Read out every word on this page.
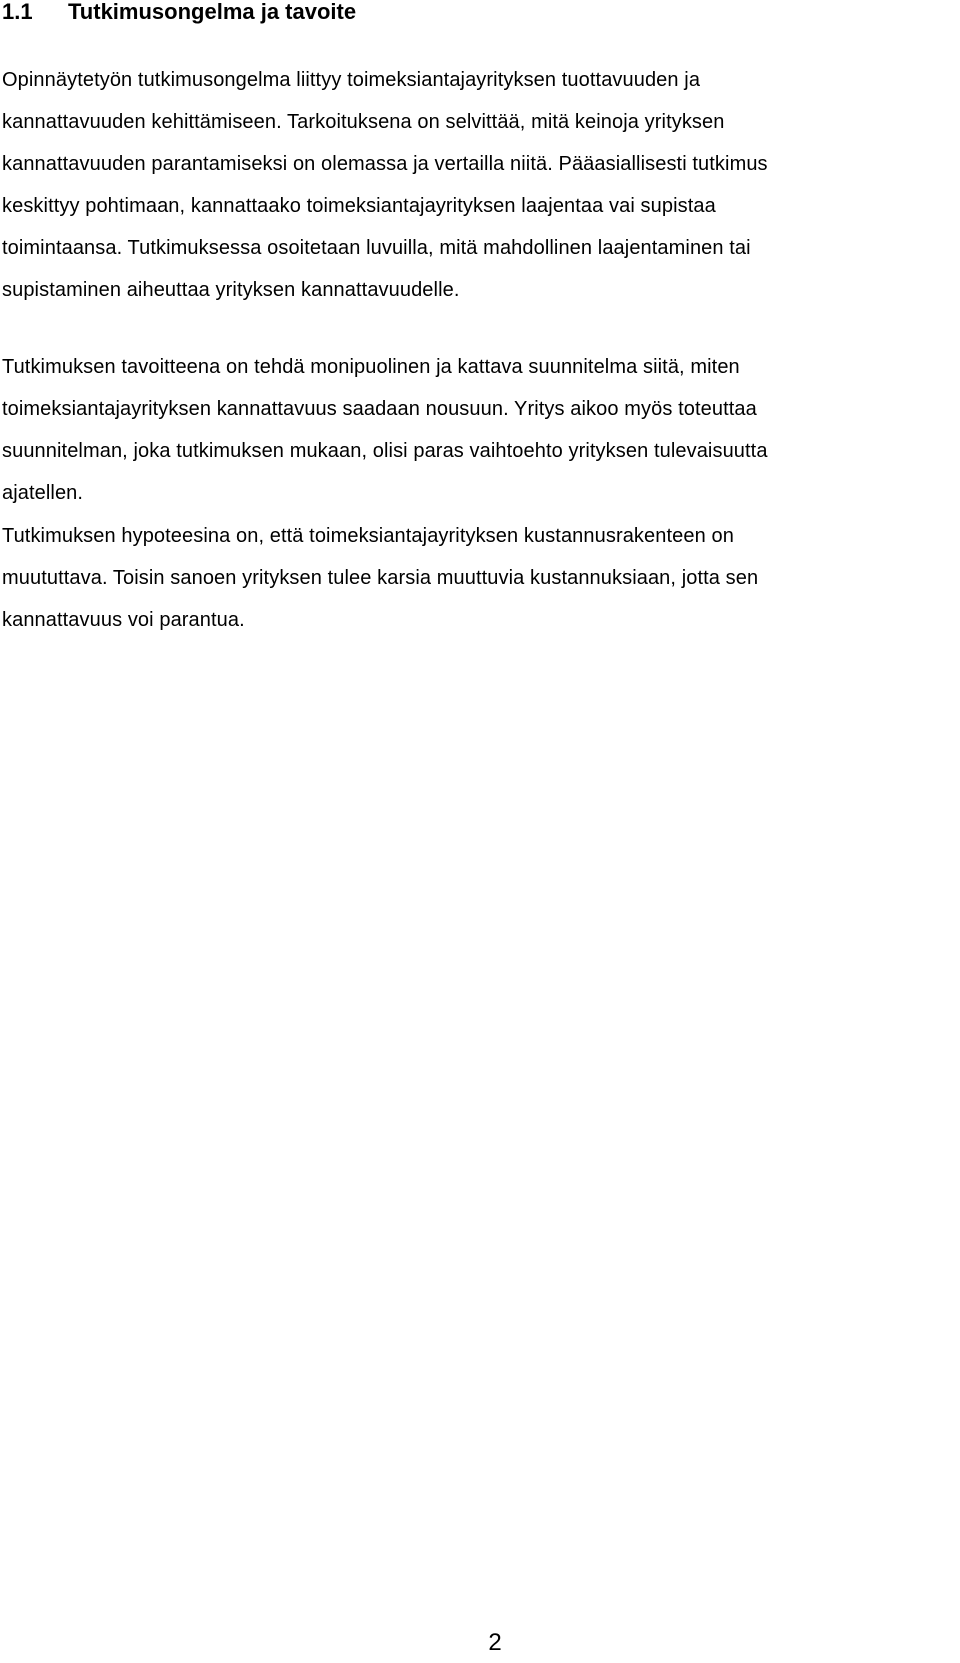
1.1 Tutkimusongelma ja tavoite

Opinnäytetyön tutkimusongelma liittyy toimeksiantajayrityksen tuottavuuden ja
kannattavuuden kehittämiseen. Tarkoituksena on selvittää, mitä keinoja yrityksen
kannattavuuden parantamiseksi on olemassa ja vertailla niitä. Pääasiallisesti tutkimus
keskittyy pohtimaan, kannattaako toimeksiantajayrityksen laajentaa vai supistaa
toimintaansa. Tutkimuksessa osoitetaan luvuilla, mitä mahdollinen laajentaminen tai
supistaminen aiheuttaa yrityksen kannattavuudelle.

Tutkimuksen tavoitteena on tehdä monipuolinen ja kattava suunnitelma siitä, miten
toimeksiantajayrityksen kannattavuus saadaan nousuun. Yritys aikoo myös toteuttaa
suunnitelman, joka tutkimuksen mukaan, olisi paras vaihtoehto yrityksen tulevaisuutta
ajatellen.

Tutkimuksen hypoteesina on, että toimeksiantajayrityksen kustannusrakenteen on
muututtava. Toisin sanoen yrityksen tulee karsia muuttuvia kustannuksiaan, jotta sen
kannattavuus voi parantua.

2
